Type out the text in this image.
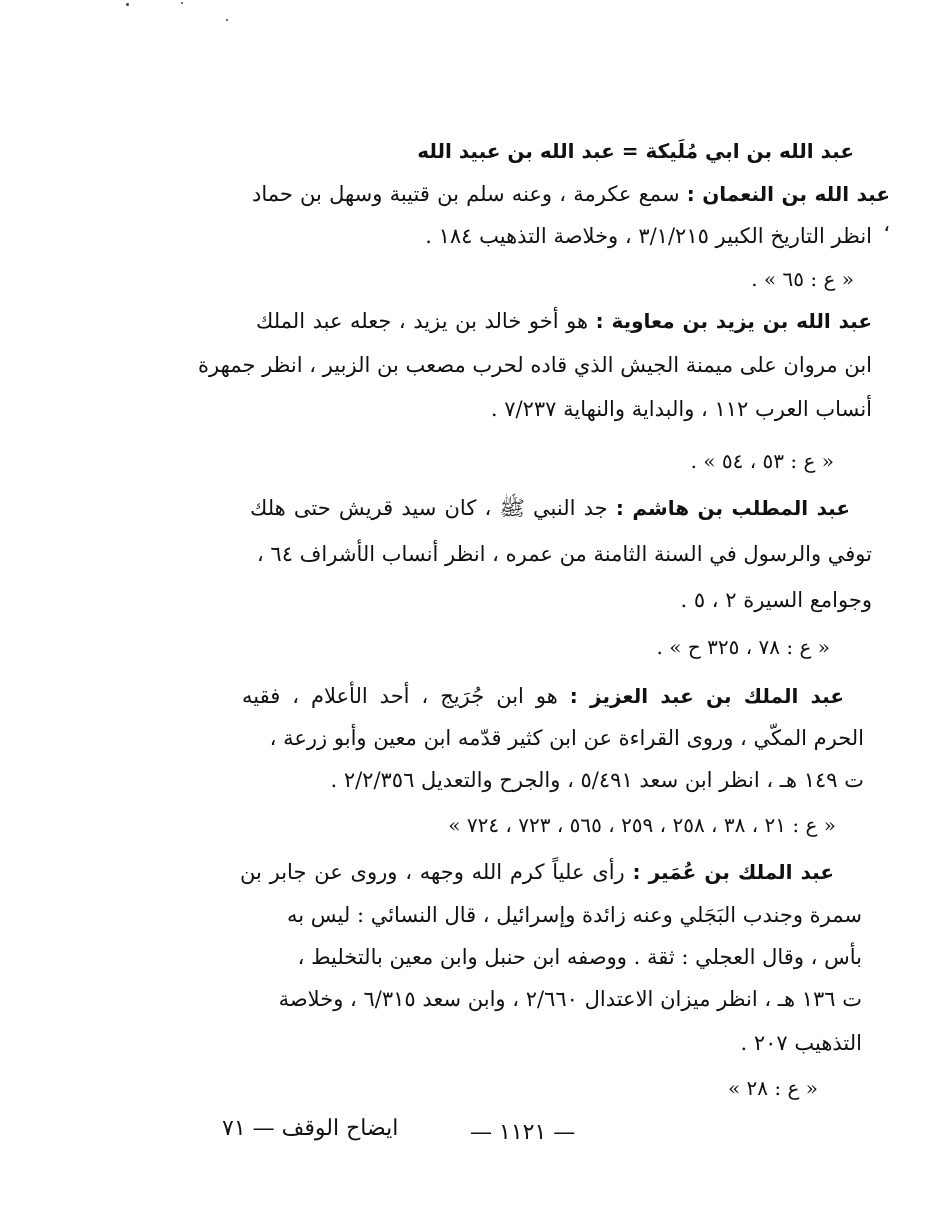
عبد الله بن ابي مُلَيكة = عبد الله بن عبيد الله
عبد الله بن النعمان : سمع عكرمة ، وعنه سلم بن قتيبة وسهل بن حماد ،
انظر التاريخ الكبير ٣/١/٢١٥ ، وخلاصة التذهيب ١٨٤ .
« ع : ٦٥ » .
عبد الله بن يزيد بن معاوية : هو أخو خالد بن يزيد ، جعله عبد الملك
ابن مروان على ميمنة الجيش الذي قاده لحرب مصعب بن الزبير ، انظر جمهرة
أنساب العرب ١١٢ ، والبداية والنهاية ٧/٢٣٧ .
« ع : ٥٣ ، ٥٤ » .
عبد المطلب بن هاشم : جد النبي ﷺ ، كان سيد قريش حتى هلك
توفي والرسول في السنة الثامنة من عمره ، انظر أنساب الأشراف ٦٤ ،
وجوامع السيرة ٢ ، ٥ .
« ع : ٧٨ ، ٣٢٥ ح » .
عبد الملك بن عبد العزيز : هو ابن جُرَيج ، أحد الأعلام ، فقيه
الحرم المكّي ، وروى القراءة عن ابن كثير قدّمه ابن معين وأبو زرعة ،
ت ١٤٩ هـ ، انظر ابن سعد ٥/٤٩١ ، والجرح والتعديل ٢/٢/٣٥٦ .
« ع : ٢١ ، ٣٨ ، ٢٥٨ ، ٢٥٩ ، ٥٦٥ ، ٧٢٣ ، ٧٢٤ »
عبد الملك بن عُمَير : رأى علياً كرم الله وجهه ، وروى عن جابر بن
سمرة وجندب البَجَلي وعنه زائدة وإسرائيل ، قال النسائي : ليس به
بأس ، وقال العجلي : ثقة . ووصفه ابن حنبل وابن معين بالتخليط ،
ت ١٣٦ هـ ، انظر ميزان الاعتدال ٢/٦٦٠ ، وابن سعد ٦/٣١٥ ، وخلاصة
التذهيب ٢٠٧ .
« ع : ٢٨ »
— ١١٢١ —
ايضاح الوقف — ٧١
